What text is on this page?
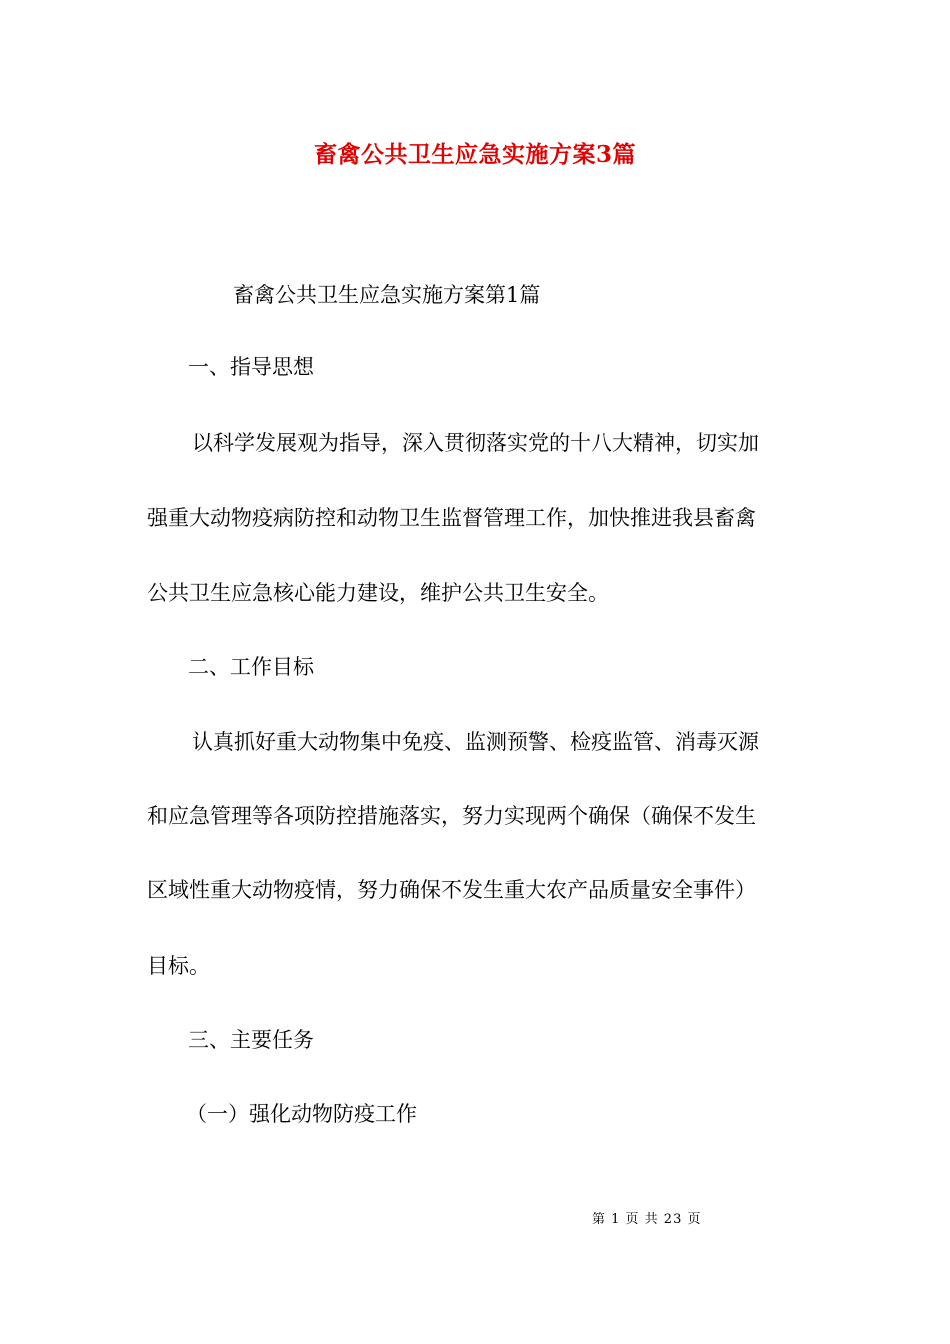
畜禽公共卫生应急实施方案3篇
畜禽公共卫生应急实施方案第1篇
一、指导思想
以科学发展观为指导，深入贯彻落实党的十八大精神，切实加
强重大动物疫病防控和动物卫生监督管理工作，加快推进我县畜禽
公共卫生应急核心能力建设，维护公共卫生安全。
二、工作目标
认真抓好重大动物集中免疫、监测预警、检疫监管、消毒灭源
和应急管理等各项防控措施落实，努力实现两个确保（确保不发生
区域性重大动物疫情，努力确保不发生重大农产品质量安全事件）
目标。
三、主要任务
（一）强化动物防疫工作
第 1 页 共 23 页
